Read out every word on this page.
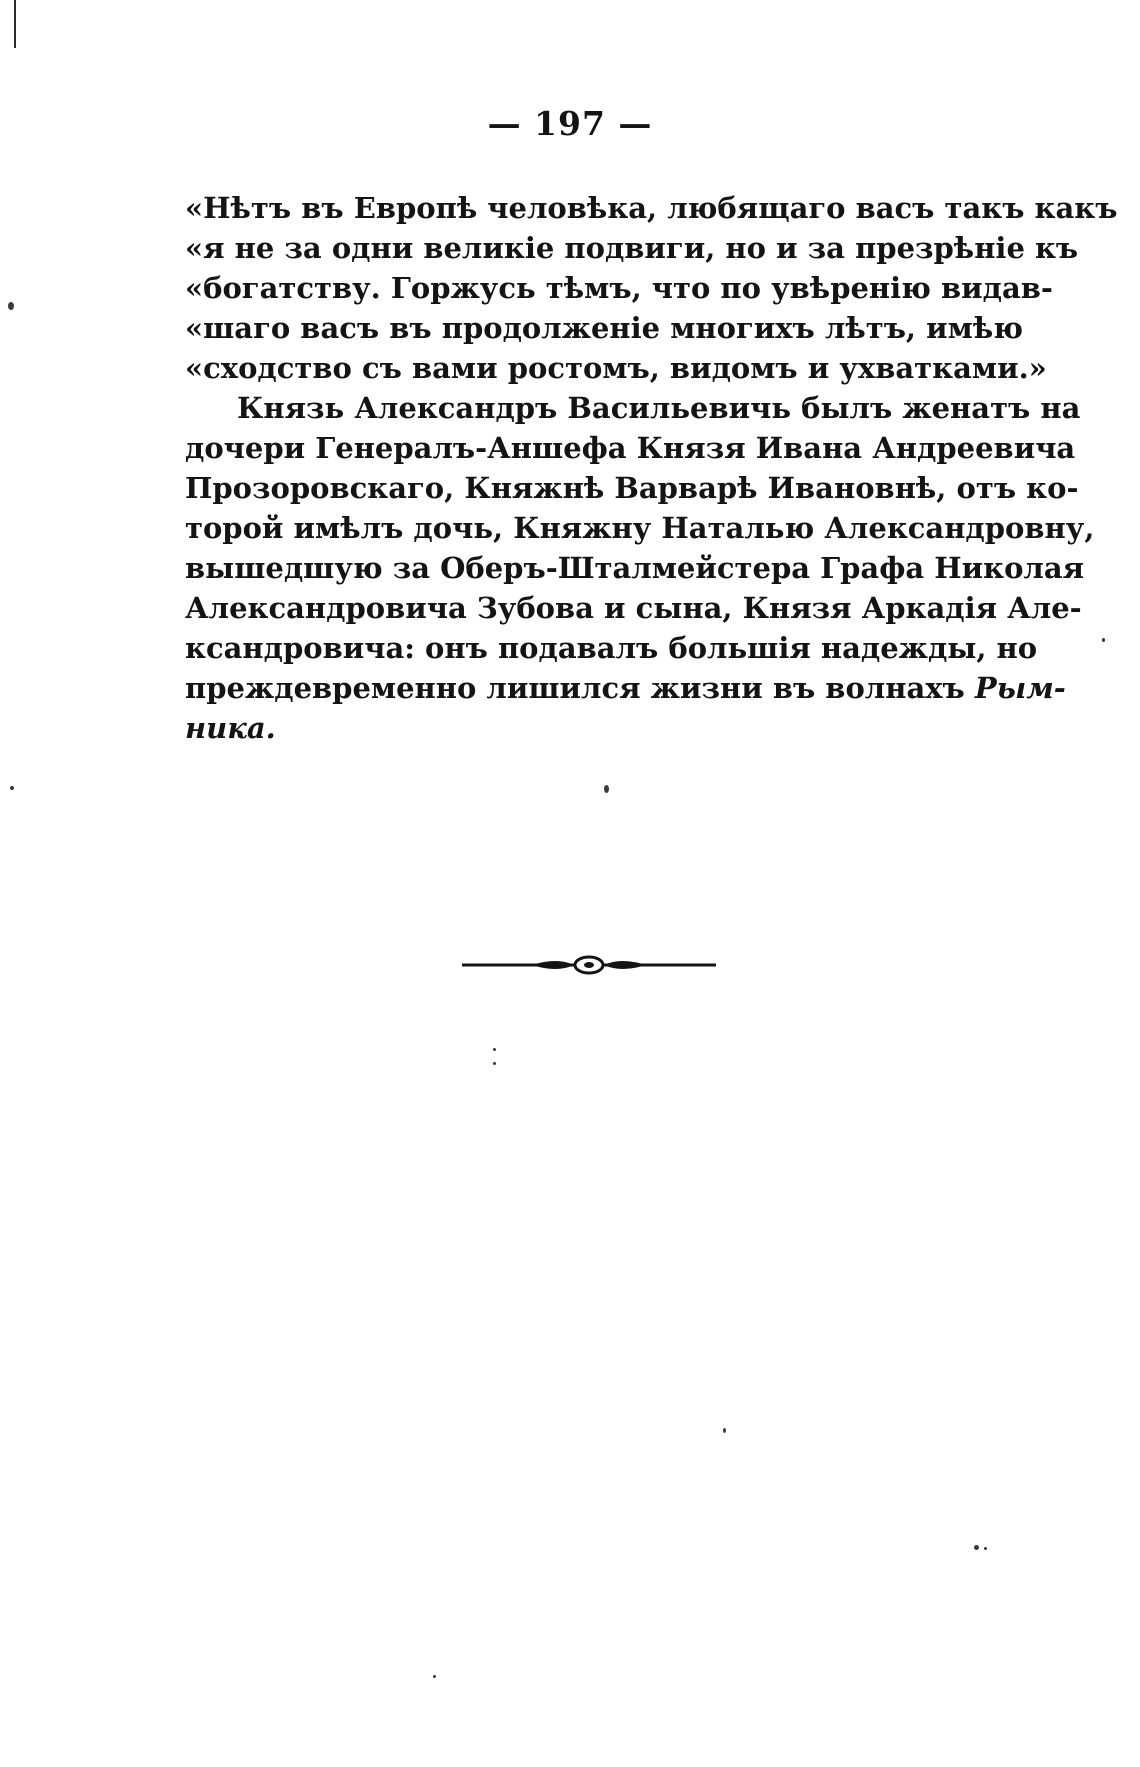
— 197 —
«Нѣтъ въ Европѣ человѣка, любящаго васъ такъ какъ
«я не за одни великіе подвиги, но и за презрѣніе къ
«богатству. Горжусь тѣмъ, что по увѣренію видав-
«шаго васъ въ продолженіе многихъ лѣтъ, имѣю
«сходство съ вами ростомъ, видомъ и ухватками.»
Князь Александръ Васильевичь былъ женатъ на
дочери Генералъ-Аншефа Князя Ивана Андреевича
Прозоровскаго, Княжнѣ Варварѣ Ивановнѣ, отъ ко-
торой имѣлъ дочь, Княжну Наталью Александровну,
вышедшую за Оберъ-Шталмейстера Графа Николая
Александровича Зубова и сына, Князя Аркадія Але-
ксандровича: онъ подавалъ большія надежды, но
преждевременно лишился жизни въ волнахъ Рым-
ника.
